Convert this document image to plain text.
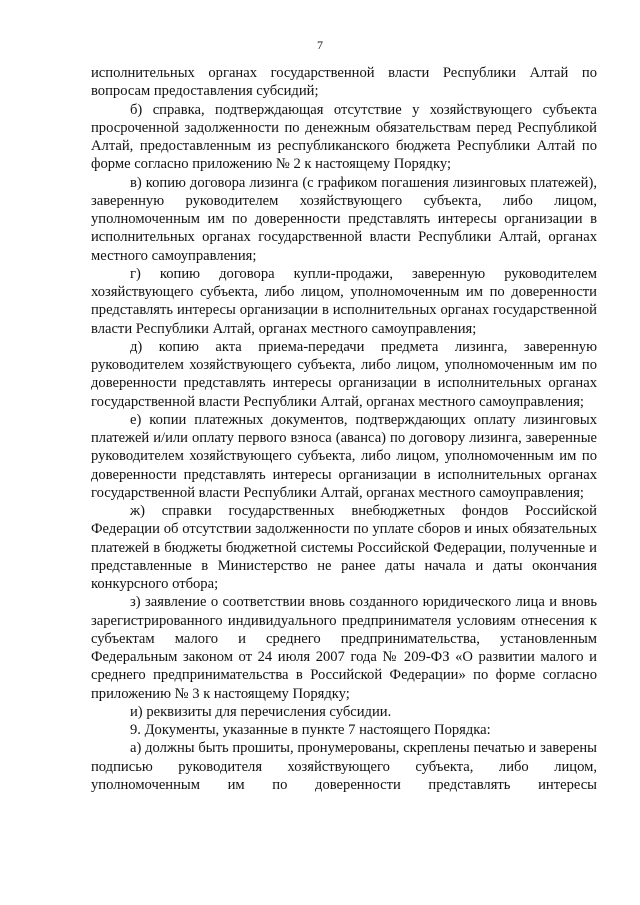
7

исполнительных органах государственной власти Республики Алтай по вопросам предоставления субсидий;

б) справка, подтверждающая отсутствие у хозяйствующего субъекта просроченной задолженности по денежным обязательствам перед Республикой Алтай, предоставленным из республиканского бюджета Республики Алтай по форме согласно приложению № 2 к настоящему Порядку;

в) копию договора лизинга (с графиком погашения лизинговых платежей), заверенную руководителем хозяйствующего субъекта, либо лицом, уполномоченным им по доверенности представлять интересы организации в исполнительных органах государственной власти Республики Алтай, органах местного самоуправления;

г) копию договора купли-продажи, заверенную руководителем хозяйствующего субъекта, либо лицом, уполномоченным им по доверенности представлять интересы организации в исполнительных органах государственной власти Республики Алтай, органах местного самоуправления;

д) копию акта приема-передачи предмета лизинга, заверенную руководителем хозяйствующего субъекта, либо лицом, уполномоченным им по доверенности представлять интересы организации в исполнительных органах государственной власти Республики Алтай, органах местного самоуправления;

е) копии платежных документов, подтверждающих оплату лизинговых платежей и/или оплату первого взноса (аванса) по договору лизинга, заверенные руководителем хозяйствующего субъекта, либо лицом, уполномоченным им по доверенности представлять интересы организации в исполнительных органах государственной власти Республики Алтай, органах местного самоуправления;

ж) справки государственных внебюджетных фондов Российской Федерации об отсутствии задолженности по уплате сборов и иных обязательных платежей в бюджеты бюджетной системы Российской Федерации, полученные и представленные в Министерство не ранее даты начала и даты окончания конкурсного отбора;

з) заявление о соответствии вновь созданного юридического лица и вновь зарегистрированного индивидуального предпринимателя условиям отнесения к субъектам малого и среднего предпринимательства, установленным Федеральным законом от 24 июля 2007 года № 209-ФЗ «О развитии малого и среднего предпринимательства в Российской Федерации» по форме согласно приложению № 3 к настоящему Порядку;

и) реквизиты для перечисления субсидии.

9. Документы, указанные в пункте 7 настоящего Порядка:

а) должны быть прошиты, пронумерованы, скреплены печатью и заверены подписью руководителя хозяйствующего субъекта, либо лицом, уполномоченным им по доверенности представлять интересы
